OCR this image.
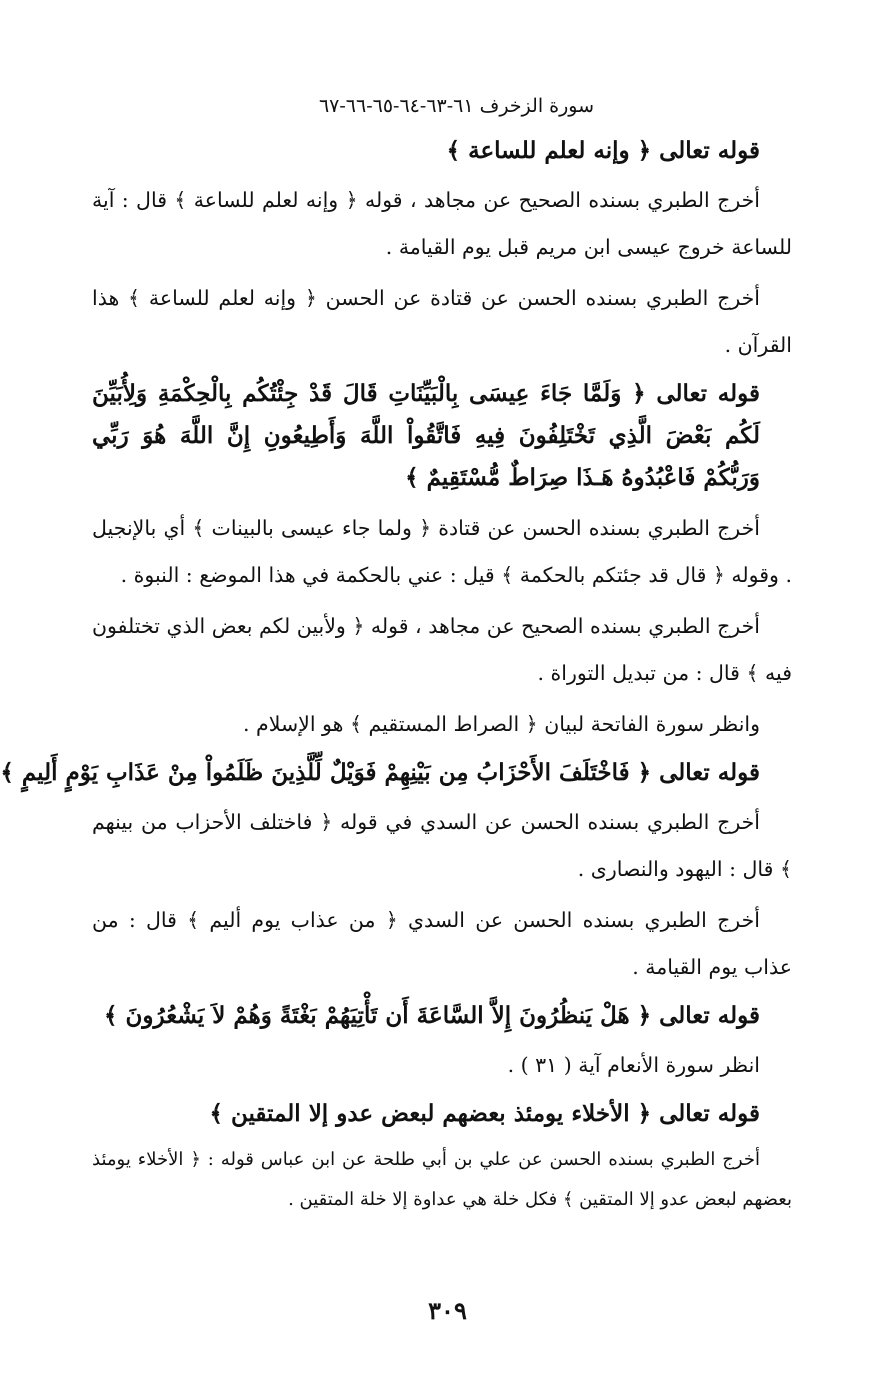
سورة الزخرف ٦١-٦٣-٦٤-٦٥-٦٦-٦٧

قوله تعالى ﴿ وإنه لعلم للساعة ﴾

أخرج الطبري بسنده الصحيح عن مجاهد ، قوله ﴿ وإنه لعلم للساعة ﴾ قال : آية للساعة خروج عيسى ابن مريم قبل يوم القيامة .

أخرج الطبري بسنده الحسن عن قتادة عن الحسن ﴿ وإنه لعلم للساعة ﴾ هذا القرآن .

قوله تعالى ﴿ وَلَمَّا جَاءَ عِيسَى بِالْبَيِّنَاتِ قَالَ قَدْ جِئْتُكُم بِالْحِكْمَةِ وَلِأُبَيِّنَ لَكُم بَعْضَ الَّذِي تَخْتَلِفُونَ فِيهِ فَاتَّقُواْ اللَّهَ وَأَطِيعُونِ إِنَّ اللَّهَ هُوَ رَبِّي وَرَبُّكُمْ فَاعْبُدُوهُ هَـذَا صِرَاطٌ مُّسْتَقِيمٌ ﴾

أخرج الطبري بسنده الحسن عن قتادة ﴿ ولما جاء عيسى بالبينات ﴾ أي بالإنجيل . وقوله ﴿ قال قد جئتكم بالحكمة ﴾ قيل : عني بالحكمة في هذا الموضع : النبوة .

أخرج الطبري بسنده الصحيح عن مجاهد ، قوله ﴿ ولأبين لكم بعض الذي تختلفون فيه ﴾ قال : من تبديل التوراة .

وانظر سورة الفاتحة لبيان ﴿ الصراط المستقيم ﴾ هو الإسلام .

قوله تعالى ﴿ فَاخْتَلَفَ الأَحْزَابُ مِن بَيْنِهِمْ فَوَيْلٌ لِّلَّذِينَ ظَلَمُواْ مِنْ عَذَابِ يَوْمٍ أَلِيمٍ ﴾

أخرج الطبري بسنده الحسن عن السدي في قوله ﴿ فاختلف الأحزاب من بينهم ﴾ قال : اليهود والنصارى .

أخرج الطبري بسنده الحسن عن السدي ﴿ من عذاب يوم أليم ﴾ قال : من عذاب يوم القيامة .

قوله تعالى ﴿ هَلْ يَنظُرُونَ إِلاَّ السَّاعَةَ أَن تَأْتِيَهُمْ بَغْتَةً وَهُمْ لاَ يَشْعُرُونَ ﴾

انظر سورة الأنعام آية ( ٣١ ) .

قوله تعالى ﴿ الأخلاء يومئذ بعضهم لبعض عدو إلا المتقين ﴾

أخرج الطبري بسنده الحسن عن علي بن أبي طلحة عن ابن عباس قوله : ﴿ الأخلاء يومئذ بعضهم لبعض عدو إلا المتقين ﴾ فكل خلة هي عداوة إلا خلة المتقين .

٣٠٩
